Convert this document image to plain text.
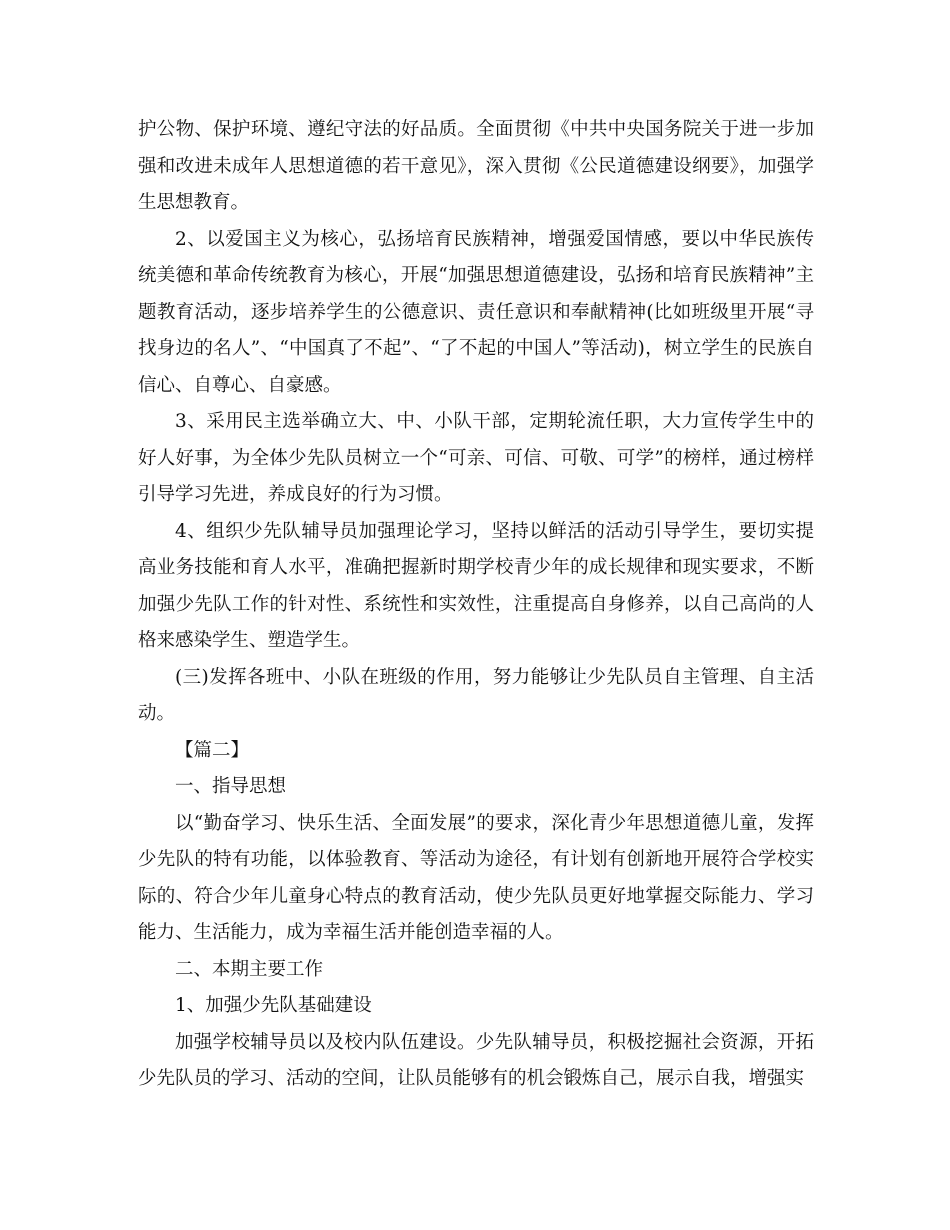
护公物、保护环境、遵纪守法的好品质。全面贯彻《中共中央国务院关于进一步加强和改进未成年人思想道德的若干意见》，深入贯彻《公民道德建设纲要》，加强学生思想教育。

2、以爱国主义为核心，弘扬培育民族精神，增强爱国情感，要以中华民族传统美德和革命传统教育为核心，开展“加强思想道德建设，弘扬和培育民族精神”主题教育活动，逐步培养学生的公德意识、责任意识和奉献精神(比如班级里开展“寻找身边的名人”、“中国真了不起”、“了不起的中国人”等活动)，树立学生的民族自信心、自尊心、自豪感。

3、采用民主选举确立大、中、小队干部，定期轮流任职，大力宣传学生中的好人好事，为全体少先队员树立一个“可亲、可信、可敬、可学”的榜样，通过榜样引导学习先进，养成良好的行为习惯。

4、组织少先队辅导员加强理论学习，坚持以鲜活的活动引导学生，要切实提高业务技能和育人水平，准确把握新时期学校青少年的成长规律和现实要求，不断加强少先队工作的针对性、系统性和实效性，注重提高自身修养，以自己高尚的人格来感染学生、塑造学生。

(三)发挥各班中、小队在班级的作用，努力能够让少先队员自主管理、自主活动。

【篇二】

一、指导思想

以“勤奋学习、快乐生活、全面发展”的要求，深化青少年思想道德儿童，发挥少先队的特有功能，以体验教育、等活动为途径，有计划有创新地开展符合学校实际的、符合少年儿童身心特点的教育活动，使少先队员更好地掌握交际能力、学习能力、生活能力，成为幸福生活并能创造幸福的人。

二、本期主要工作

1、加强少先队基础建设

加强学校辅导员以及校内队伍建设。少先队辅导员，积极挖掘社会资源，开拓少先队员的学习、活动的空间，让队员能够有的机会锻炼自己，展示自我，增强实
